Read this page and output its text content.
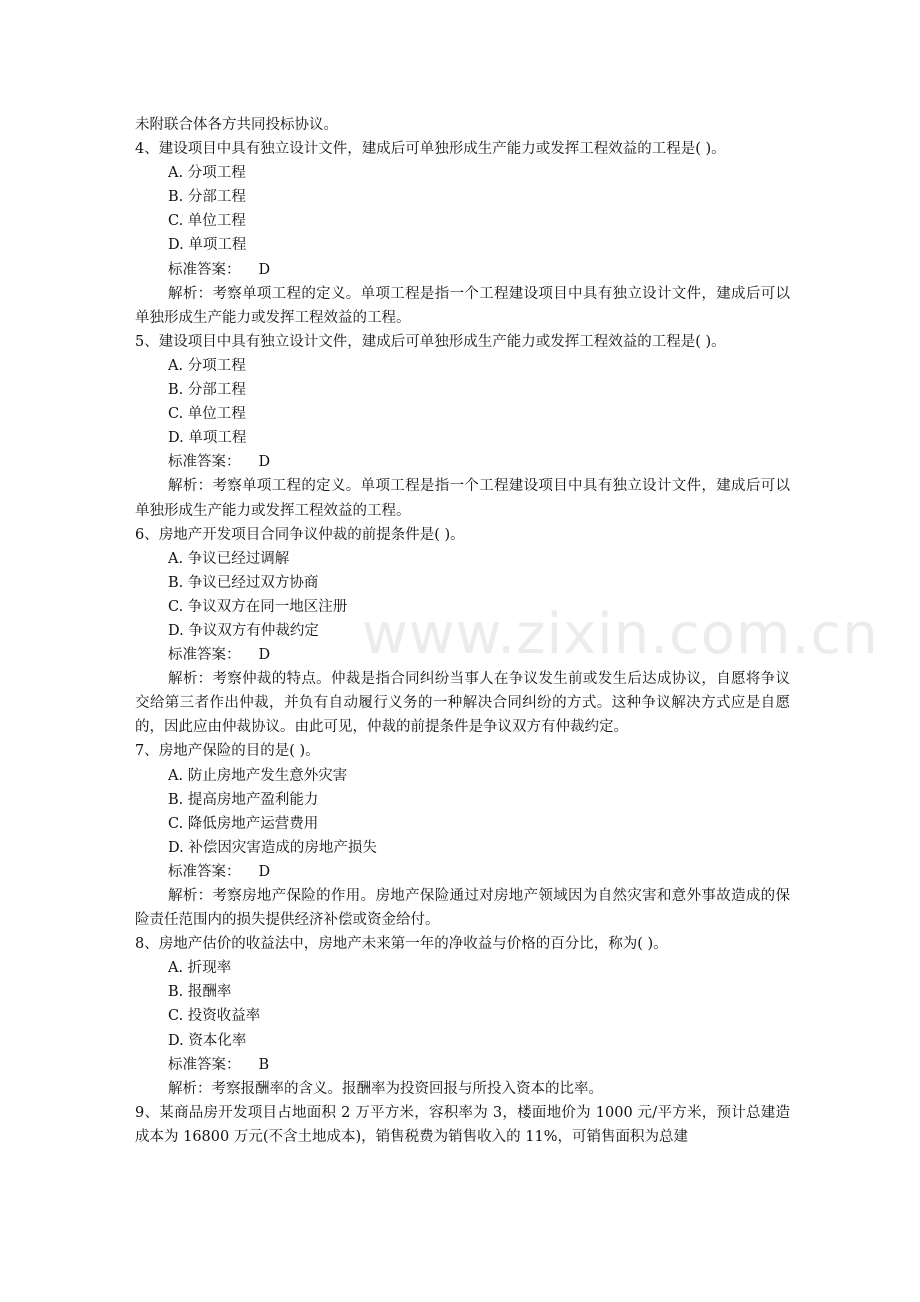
未附联合体各方共同投标协议。
4、建设项目中具有独立设计文件，建成后可单独形成生产能力或发挥工程效益的工程是( )。
A. 分项工程
B. 分部工程
C. 单位工程
D. 单项工程
标准答案： D
解析：考察单项工程的定义。单项工程是指一个工程建设项目中具有独立设计文件，建成后可以单独形成生产能力或发挥工程效益的工程。
5、建设项目中具有独立设计文件，建成后可单独形成生产能力或发挥工程效益的工程是( )。
A. 分项工程
B. 分部工程
C. 单位工程
D. 单项工程
标准答案： D
解析：考察单项工程的定义。单项工程是指一个工程建设项目中具有独立设计文件，建成后可以单独形成生产能力或发挥工程效益的工程。
6、房地产开发项目合同争议仲裁的前提条件是( )。
A. 争议已经过调解
B. 争议已经过双方协商
C. 争议双方在同一地区注册
D. 争议双方有仲裁约定
标准答案： D
解析：考察仲裁的特点。仲裁是指合同纠纷当事人在争议发生前或发生后达成协议，自愿将争议交给第三者作出仲裁，并负有自动履行义务的一种解决合同纠纷的方式。这种争议解决方式应是自愿的，因此应由仲裁协议。由此可见，仲裁的前提条件是争议双方有仲裁约定。
7、房地产保险的目的是( )。
A. 防止房地产发生意外灾害
B. 提高房地产盈利能力
C. 降低房地产运营费用
D. 补偿因灾害造成的房地产损失
标准答案： D
解析：考察房地产保险的作用。房地产保险通过对房地产领域因为自然灾害和意外事故造成的保险责任范围内的损失提供经济补偿或资金给付。
8、房地产估价的收益法中，房地产未来第一年的净收益与价格的百分比，称为( )。
A. 折现率
B. 报酬率
C. 投资收益率
D. 资本化率
标准答案： B
解析：考察报酬率的含义。报酬率为投资回报与所投入资本的比率。
9、某商品房开发项目占地面积 2 万平方米，容积率为 3，楼面地价为 1000 元/平方米，预计总建造成本为 16800 万元(不含土地成本)，销售税费为销售收入的 11%，可销售面积为总建
www.zixin.com.cn
